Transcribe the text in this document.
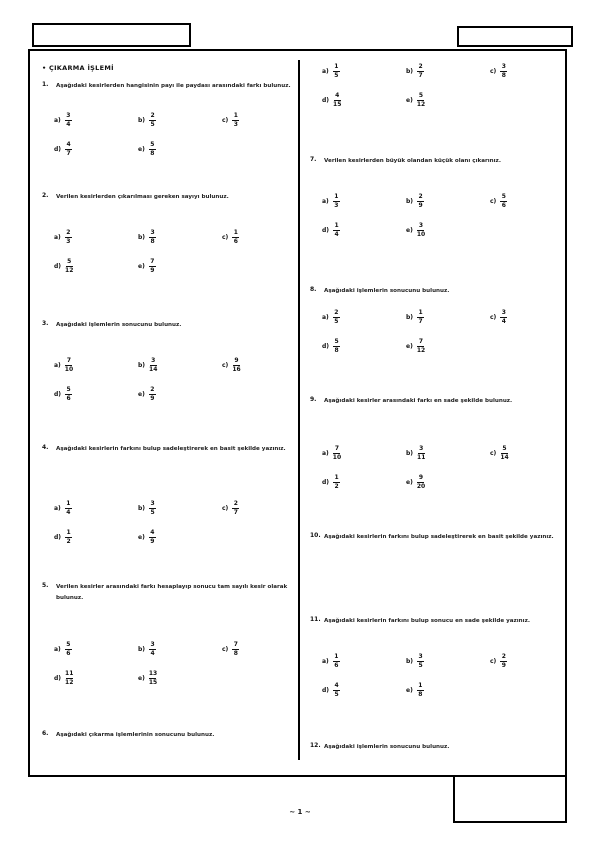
• ÇIKARMA İŞLEMİ
1. Aşağıdaki kesirlerden hangisinin payı ile paydası arasındaki farkı bulunuz.
$a) \frac{3}{4}$	$b) \frac{2}{5}$	$c) \frac{1}{3}$
$d) \frac{4}{7}$	$e) \frac{5}{8}$
2. Verilen kesirlerden çıkarılması gereken sayıyı bulunuz.
$a) \frac{2}{3}$	$b) \frac{3}{8}$	$c) \frac{1}{6}$
$d) \frac{5}{12}$	$e) \frac{7}{9}$
3. Aşağıdaki işlemlerin sonucunu bulunuz.
$a) \frac{7}{10}$	$b) \frac{3}{14}$	$c) \frac{9}{16}$
$d) \frac{5}{6}$	$e) \frac{2}{9}$
4. Aşağıdaki kesirlerin farkını bulup sadeleştirerek en basit şekilde yazınız.
$a) \frac{1}{4}$	$b) \frac{3}{5}$	$c) \frac{2}{7}$
$d) \frac{1}{2}$	$e) \frac{4}{9}$
5. Verilen kesirler arasındaki farkı hesaplayıp sonucu tam sayılı kesir olarak bulunuz.
$a) \frac{5}{6}$	$b) \frac{3}{4}$	$c) \frac{7}{8}$
$d) \frac{11}{12}$	$e) \frac{13}{15}$
6. Aşağıdaki çıkarma işlemlerinin sonucunu bulunuz.
$a) \frac{1}{5}$	$b) \frac{2}{7}$	$c) \frac{3}{8}$
$d) \frac{4}{15}$	$e) \frac{5}{12}$
7. Verilen kesirlerden büyük olandan küçük olanı çıkarınız.
$a) \frac{1}{3}$	$b) \frac{2}{9}$	$c) \frac{5}{6}$
$d) \frac{1}{4}$	$e) \frac{3}{10}$
8. Aşağıdaki işlemlerin sonucunu bulunuz.
$a) \frac{2}{5}$	$b) \frac{1}{7}$	$c) \frac{3}{4}$
$d) \frac{5}{8}$	$e) \frac{7}{12}$
9. Aşağıdaki kesirler arasındaki farkı en sade şekilde bulunuz.
$a) \frac{7}{10}$	$b) \frac{3}{11}$	$c) \frac{5}{14}$
$d) \frac{1}{2}$	$e) \frac{9}{20}$
10. Aşağıdaki kesirlerin farkını bulup sadeleştirerek en basit şekilde yazınız.
11. Aşağıdaki kesirlerin farkını bulup sonucu en sade şekilde yazınız.
$a) \frac{1}{6}$	$b) \frac{3}{5}$	$c) \frac{2}{9}$
$d) \frac{4}{5}$	$e) \frac{1}{8}$
12. Aşağıdaki işlemlerin sonucunu bulunuz.
~ 1 ~
